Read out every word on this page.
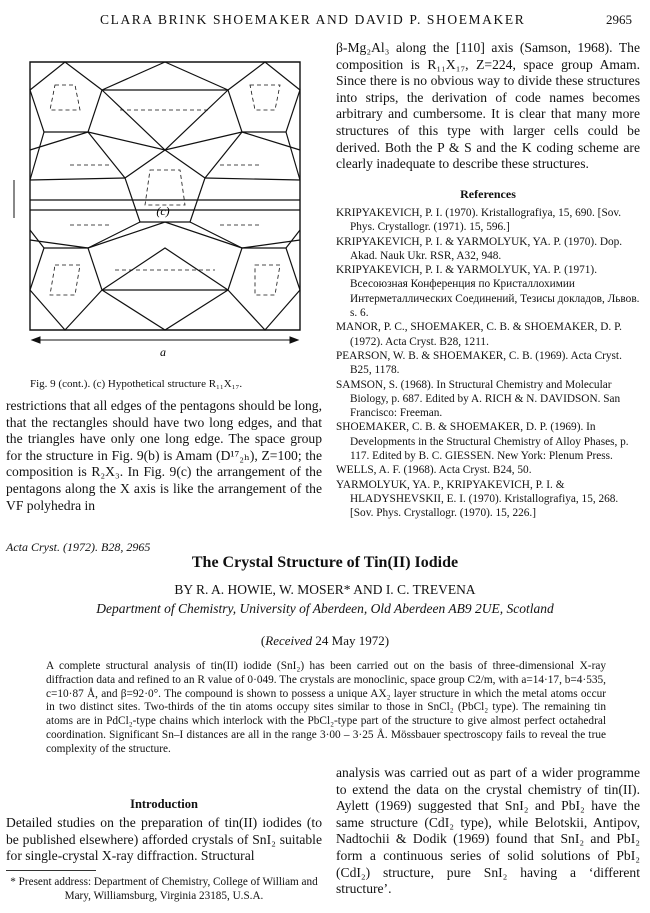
CLARA BRINK SHOEMAKER AND DAVID P. SHOEMAKER	2965
(c)
a
Fig. 9 (cont.). (c) Hypothetical structure R₁₁X₁₇.
restrictions that all edges of the pentagons should be long, that the rectangles should have two long edges, and that the triangles have only one long edge. The space group for the structure in Fig. 9(b) is Amam (D¹⁷₂ₕ), Z=100; the composition is R₂X₃. In Fig. 9(c) the arrangement of the pentagons along the X axis is like the arrangement of the VF polyhedra in
β-Mg₂Al₃ along the [110] axis (Samson, 1968). The composition is R₁₁X₁₇, Z=224, space group Amam. Since there is no obvious way to divide these structures into strips, the derivation of code names becomes arbitrary and cumbersome. It is clear that many more structures of this type with larger cells could be derived. Both the P & S and the K coding scheme are clearly inadequate to describe these structures.
References

KRIPYAKEVICH, P. I. (1970). Kristallografiya, 15, 690. [Sov. Phys. Crystallogr. (1971). 15, 596.]

KRIPYAKEVICH, P. I. & YARMOLYUK, YA. P. (1970). Dop. Akad. Nauk Ukr. RSR, A32, 948.

KRIPYAKEVICH, P. I. & YARMOLYUK, YA. P. (1971). Всесоюзная Конференция по Кристаллохимии Интерметаллических Соединений, Тезисы докладов, Львов. s. 6.

MANOR, P. C., SHOEMAKER, C. B. & SHOEMAKER, D. P. (1972). Acta Cryst. B28, 1211.

PEARSON, W. B. & SHOEMAKER, C. B. (1969). Acta Cryst. B25, 1178.

SAMSON, S. (1968). In Structural Chemistry and Molecular Biology, p. 687. Edited by A. RICH & N. DAVIDSON. San Francisco: Freeman.

SHOEMAKER, C. B. & SHOEMAKER, D. P. (1969). In Developments in the Structural Chemistry of Alloy Phases, p. 117. Edited by B. C. GIESSEN. New York: Plenum Press.

WELLS, A. F. (1968). Acta Cryst. B24, 50.

YARMOLYUK, YA. P., KRIPYAKEVICH, P. I. & HLADYSHEVSKII, E. I. (1970). Kristallografiya, 15, 268. [Sov. Phys. Crystallogr. (1970). 15, 226.]

Acta Cryst. (1972). B28, 2965
The Crystal Structure of Tin(II) Iodide
BY R. A. HOWIE, W. MOSER* AND I. C. TREVENA
Department of Chemistry, University of Aberdeen, Old Aberdeen AB9 2UE, Scotland
(Received 24 May 1972)
A complete structural analysis of tin(II) iodide (SnI₂) has been carried out on the basis of three-dimensional X-ray diffraction data and refined to an R value of 0·049. The crystals are monoclinic, space group C2/m, with a=14·17, b=4·535, c=10·87 Å, and β=92·0°. The compound is shown to possess a unique AX₂ layer structure in which the metal atoms occur in two distinct sites. Two-thirds of the tin atoms occupy sites similar to those in SnCl₂ (PbCl₂ type). The remaining tin atoms are in PdCl₂-type chains which interlock with the PbCl₂-type part of the structure to give almost perfect octahedral coordination. Significant Sn–I distances are all in the range 3·00 – 3·25 Å. Mössbauer spectroscopy fails to reveal the true complexity of the structure.
Introduction
Detailed studies on the preparation of tin(II) iodides (to be published elsewhere) afforded crystals of SnI₂ suitable for single-crystal X-ray diffraction. Structural
analysis was carried out as part of a wider programme to extend the data on the crystal chemistry of tin(II). Aylett (1969) suggested that SnI₂ and PbI₂ have the same structure (CdI₂ type), while Belotskii, Antipov, Nadtochii & Dodik (1969) found that SnI₂ and PbI₂ form a continuous series of solid solutions of PbI₂ (CdI₂) structure, pure SnI₂ having a ‘different structure’.
* Present address: Department of Chemistry, College of William and Mary, Williamsburg, Virginia 23185, U.S.A.
